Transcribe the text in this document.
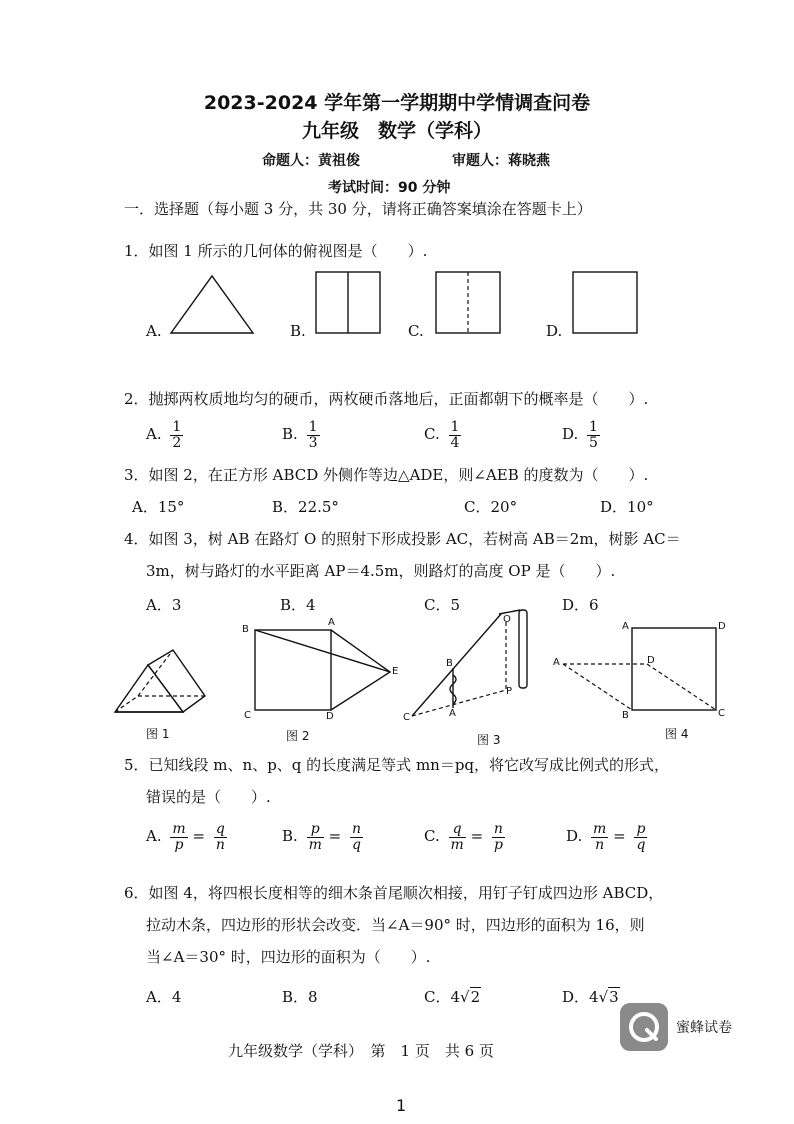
2023-2024 学年第一学期期中学情调查问卷
九年级　数学（学科）
命题人：黄祖俊	审题人：蒋晓燕
考试时间：90 分钟
一．选择题（每小题 3 分，共 30 分，请将正确答案填涂在答题卡上）
1．如图 1 所示的几何体的俯视图是（　　）.
A.	B.	C.	D.
2．抛掷两枚质地均匀的硬币，两枚硬币落地后，正面都朝下的概率是（　　）.
A. $\frac{1}{2}$	B. $\frac{1}{3}$	C. $\frac{1}{4}$	D. $\frac{1}{5}$
3．如图 2，在正方形 ABCD 外侧作等边△ADE，则∠AEB 的度数为（　　）.
A．15°	B．22.5°	C．20°	D．10°
4．如图 3，树 AB 在路灯 O 的照射下形成投影 AC，若树高 AB＝2m，树影 AC＝
3m，树与路灯的水平距离 AP＝4.5m，则路灯的高度 OP 是（　　）.
A．3	B．4	C．5	D．6
图 1	图 2	图 3	图 4
B
A
C	D
E
O
B
P
A
C
A	D
A	D
B	C
5．已知线段 m、n、p、q 的长度满足等式 mn＝pq，将它改写成比例式的形式，
错误的是（　　）.
A. $\frac{m}{p} = \frac{q}{n}$	B. $\frac{p}{m} = \frac{n}{q}$	C. $\frac{q}{m} = \frac{n}{p}$	D. $\frac{m}{n} = \frac{p}{q}$
6．如图 4，将四根长度相等的细木条首尾顺次相接，用钉子钉成四边形 ABCD，
拉动木条，四边形的形状会改变．当∠A＝90° 时，四边形的面积为 16，则
当∠A＝30° 时，四边形的面积为（　　）.
A．4	B．8	C．4√2	D．4√3
蜜蜂试卷
九年级数学（学科）　第　1 页　共 6 页
1
